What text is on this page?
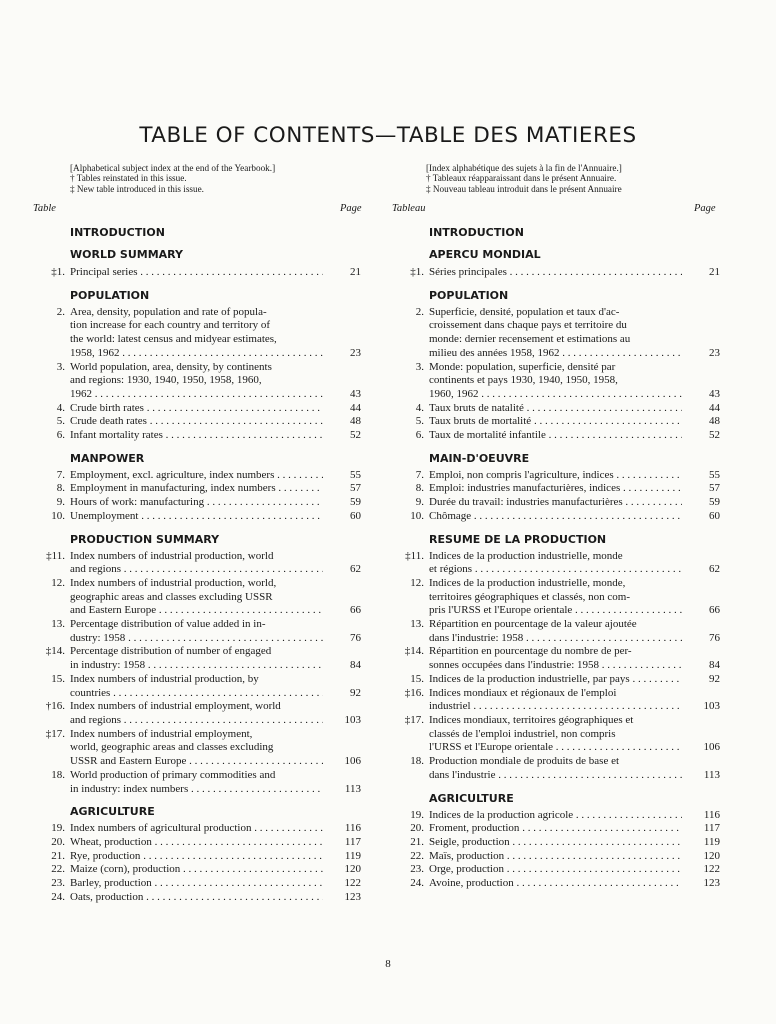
TABLE OF CONTENTS—TABLE DES MATIERES
[Alphabetical subject index at the end of the Yearbook.]
† Tables reinstated in this issue.
‡ New table introduced in this issue.
[Index alphabétique des sujets à la fin de l'Annuaire.]
† Tableaux réapparaissant dans le présent Annuaire.
‡ Nouveau tableau introduit dans le présent Annuaire
Table	Page	Tableau	Page
INTRODUCTION
WORLD SUMMARY
‡1. Principal series . . .	21
POPULATION
2. Area, density, population and rate of popula-
tion increase for each country and territory of
the world: latest census and midyear estimates,
1958, 1962 . . .	23
3. World population, area, density, by continents
and regions: 1930, 1940, 1950, 1958, 1960,
1962 . . .	43
4. Crude birth rates . . .	44
5. Crude death rates . . .	48
6. Infant mortality rates . . .	52
MANPOWER
7. Employment, excl. agriculture, index numbers . . .	55
8. Employment in manufacturing, index numbers . . .	57
9. Hours of work: manufacturing . . .	59
10. Unemployment . . .	60
PRODUCTION SUMMARY
‡11. Index numbers of industrial production, world
and regions . . .	62
12. Index numbers of industrial production, world,
geographic areas and classes excluding USSR
and Eastern Europe . . .	66
13. Percentage distribution of value added in in-
dustry: 1958 . . .	76
‡14. Percentage distribution of number of engaged
in industry: 1958 . . .	84
15. Index numbers of industrial production, by
countries . . .	92
†16. Index numbers of industrial employment, world
and regions . . .	103
‡17. Index numbers of industrial employment,
world, geographic areas and classes excluding
USSR and Eastern Europe . . .	106
18. World production of primary commodities and
in industry: index numbers . . .	113
AGRICULTURE
19. Index numbers of agricultural production . . .	116
20. Wheat, production . . .	117
21. Rye, production . . .	119
22. Maize (corn), production . . .	120
23. Barley, production . . .	122
24. Oats, production . . .	123
INTRODUCTION
APERCU MONDIAL
‡1. Séries principales . . .	21
POPULATION
2. Superficie, densité, population et taux d'ac-
croissement dans chaque pays et territoire du
monde: dernier recensement et estimations au
milieu des années 1958, 1962 . . .	23
3. Monde: population, superficie, densité par
continents et pays 1930, 1940, 1950, 1958,
1960, 1962 . . .	43
4. Taux bruts de natalité . . .	44
5. Taux bruts de mortalité . . .	48
6. Taux de mortalité infantile . . .	52
MAIN-D'OEUVRE
7. Emploi, non compris l'agriculture, indices . . .	55
8. Emploi: industries manufacturières, indices . . .	57
9. Durée du travail: industries manufacturières . . .	59
10. Chômage . . .	60
RESUME DE LA PRODUCTION
‡11. Indices de la production industrielle, monde
et régions . . .	62
12. Indices de la production industrielle, monde,
territoires géographiques et classés, non com-
pris l'URSS et l'Europe orientale . . .	66
13. Répartition en pourcentage de la valeur ajoutée
dans l'industrie: 1958 . . .	76
‡14. Répartition en pourcentage du nombre de per-
sonnes occupées dans l'industrie: 1958 . . .	84
15. Indices de la production industrielle, par pays . . .	92
‡16. Indices mondiaux et régionaux de l'emploi
industriel . . .	103
‡17. Indices mondiaux, territoires géographiques et
classés de l'emploi industriel, non compris
l'URSS et l'Europe orientale . . .	106
18. Production mondiale de produits de base et
dans l'industrie . . .	113
AGRICULTURE
19. Indices de la production agricole . . .	116
20. Froment, production . . .	117
21. Seigle, production . . .	119
22. Maïs, production . . .	120
23. Orge, production . . .	122
24. Avoine, production . . .	123
8
